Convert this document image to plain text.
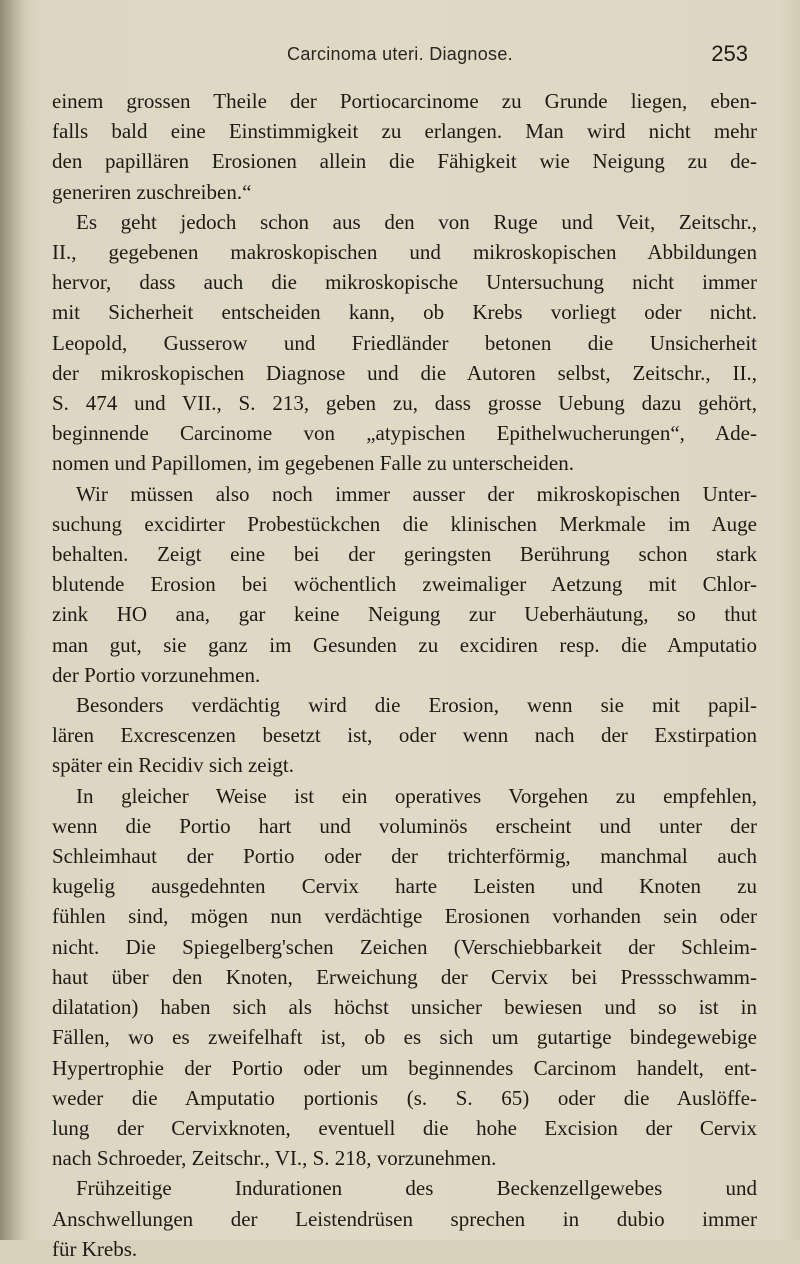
Carcinoma uteri. Diagnose.	253
einem grossen Theile der Portiocarcinome zu Grunde liegen, eben-
falls bald eine Einstimmigkeit zu erlangen. Man wird nicht mehr
den papillären Erosionen allein die Fähigkeit wie Neigung zu de-
generiren zuschreiben.“
Es geht jedoch schon aus den von Ruge und Veit, Zeitschr.,
II., gegebenen makroskopischen und mikroskopischen Abbildungen
hervor, dass auch die mikroskopische Untersuchung nicht immer
mit Sicherheit entscheiden kann, ob Krebs vorliegt oder nicht.
Leopold, Gusserow und Friedländer betonen die Unsicherheit
der mikroskopischen Diagnose und die Autoren selbst, Zeitschr., II.,
S. 474 und VII., S. 213, geben zu, dass grosse Uebung dazu gehört,
beginnende Carcinome von „atypischen Epithelwucherungen“, Ade-
nomen und Papillomen, im gegebenen Falle zu unterscheiden.
Wir müssen also noch immer ausser der mikroskopischen Unter-
suchung excidirter Probestückchen die klinischen Merkmale im Auge
behalten. Zeigt eine bei der geringsten Berührung schon stark
blutende Erosion bei wöchentlich zweimaliger Aetzung mit Chlor-
zink HO ana, gar keine Neigung zur Ueberhäutung, so thut
man gut, sie ganz im Gesunden zu excidiren resp. die Amputatio
der Portio vorzunehmen.
Besonders verdächtig wird die Erosion, wenn sie mit papil-
lären Excrescenzen besetzt ist, oder wenn nach der Exstirpation
später ein Recidiv sich zeigt.
In gleicher Weise ist ein operatives Vorgehen zu empfehlen,
wenn die Portio hart und voluminös erscheint und unter der
Schleimhaut der Portio oder der trichterförmig, manchmal auch
kugelig ausgedehnten Cervix harte Leisten und Knoten zu
fühlen sind, mögen nun verdächtige Erosionen vorhanden sein oder
nicht. Die Spiegelberg'schen Zeichen (Verschiebbarkeit der Schleim-
haut über den Knoten, Erweichung der Cervix bei Pressschwamm-
dilatation) haben sich als höchst unsicher bewiesen und so ist in
Fällen, wo es zweifelhaft ist, ob es sich um gutartige bindegewebige
Hypertrophie der Portio oder um beginnendes Carcinom handelt, ent-
weder die Amputatio portionis (s. S. 65) oder die Auslöffe-
lung der Cervixknoten, eventuell die hohe Excision der Cervix
nach Schroeder, Zeitschr., VI., S. 218, vorzunehmen.
Frühzeitige Indurationen des Beckenzellgewebes und
Anschwellungen der Leistendrüsen sprechen in dubio immer
für Krebs.
